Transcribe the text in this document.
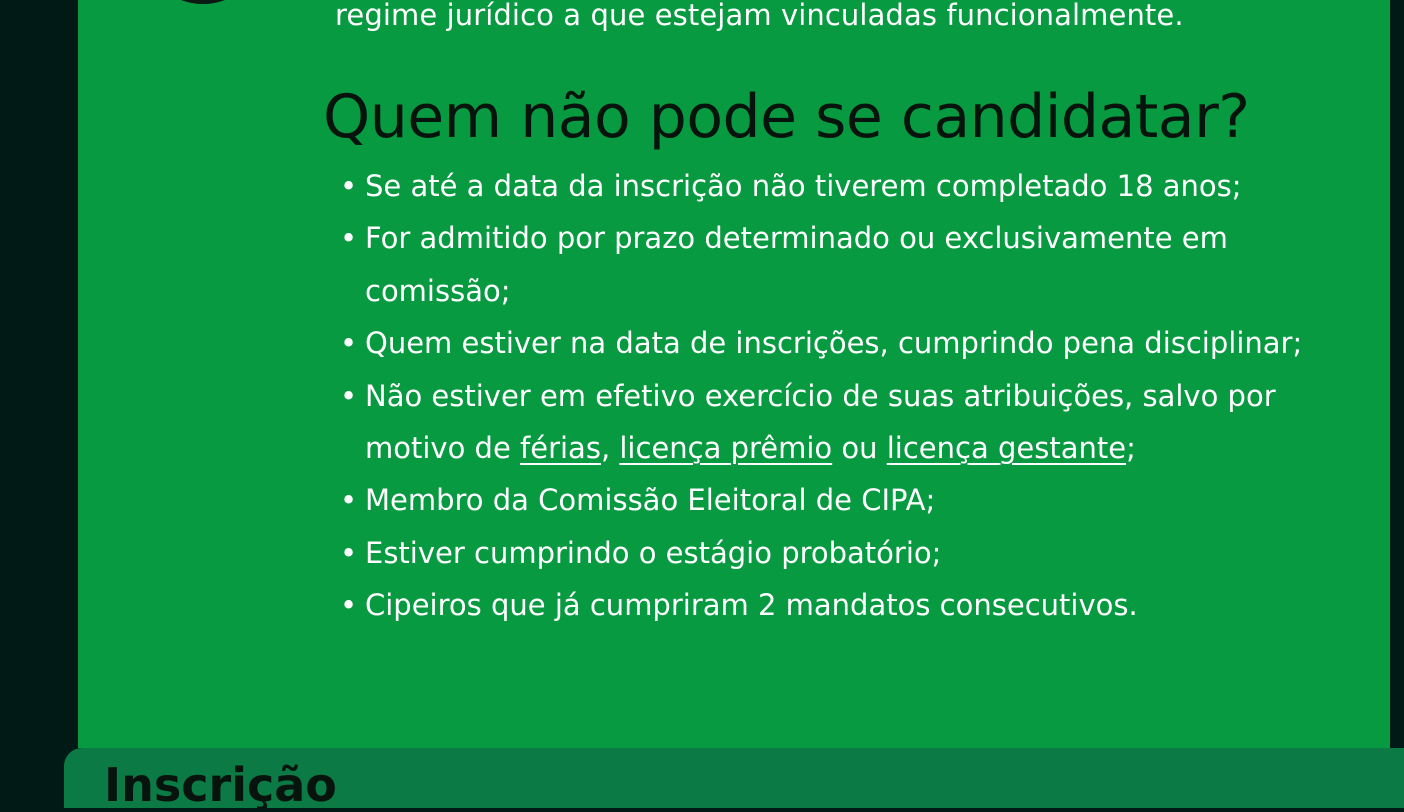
regime jurídico a que estejam vinculadas funcionalmente.
Quem não pode se candidatar?
• Se até a data da inscrição não tiverem completado 18 anos;
• For admitido por prazo determinado ou exclusivamente em comissão;
• Quem estiver na data de inscrições, cumprindo pena disciplinar;
• Não estiver em efetivo exercício de suas atribuições, salvo por motivo de férias, licença prêmio ou licença gestante;
• Membro da Comissão Eleitoral de CIPA;
• Estiver cumprindo o estágio probatório;
• Cipeiros que já cumpriram 2 mandatos consecutivos.
Inscrição
